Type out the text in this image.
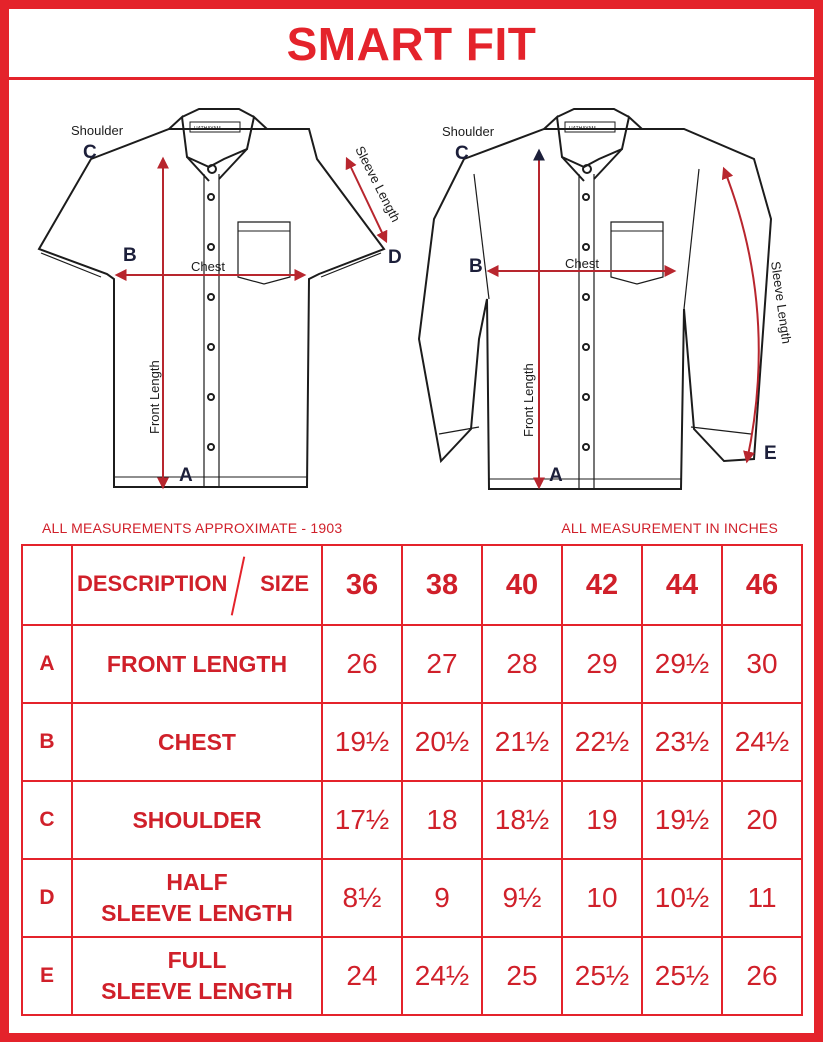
SMART FIT
UATHAYAM
Shoulder
C
B	D
A
Chest
Front Length
Sleeve Length
UATHAYAM
Shoulder
C
B
E
A
Chest
Front Length
Sleeve Length
ALL MEASUREMENTS APPROXIMATE - 1903	ALL MEASUREMENT IN INCHES

	DESCRIPTION SIZE	36	38	40	42	44	46
A	FRONT LENGTH	26	27	28	29	29½	30
B	CHEST	19½	20½	21½	22½	23½	24½
C	SHOULDER	17½	18	18½	19	19½	20
D	HALF
SLEEVE LENGTH	8½	9	9½	10	10½	11
E	FULL
SLEEVE LENGTH	24	24½	25	25½	25½	26
